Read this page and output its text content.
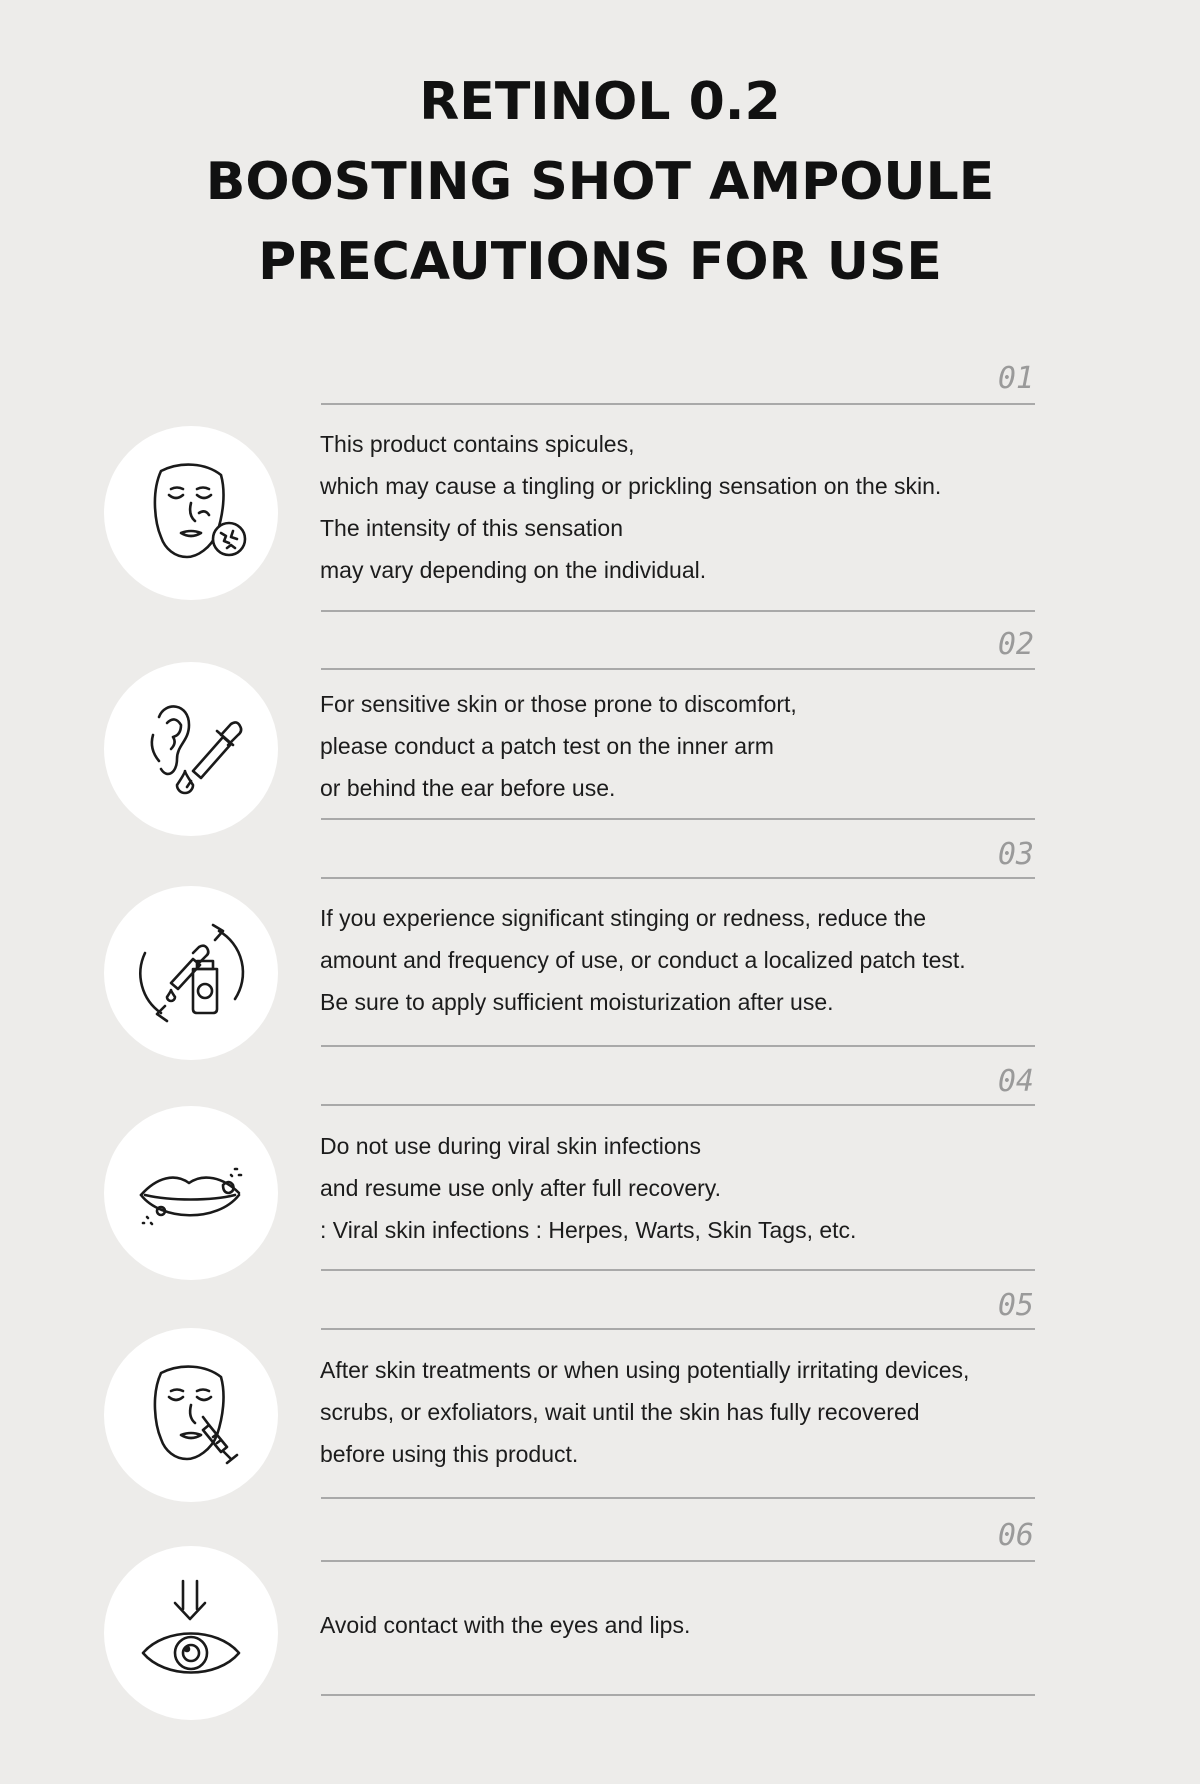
RETINOL 0.2
BOOSTING SHOT AMPOULE
PRECAUTIONS FOR USE
01

This product contains spicules,
which may cause a tingling or prickling sensation on the skin.
The intensity of this sensation
may vary depending on the individual.

02

For sensitive skin or those prone to discomfort,
please conduct a patch test on the inner arm
or behind the ear before use.

03

If you experience significant stinging or redness, reduce the
amount and frequency of use, or conduct a localized patch test.
Be sure to apply sufficient moisturization after use.

04

Do not use during viral skin infections
and resume use only after full recovery.
: Viral skin infections : Herpes, Warts, Skin Tags, etc.

05

After skin treatments or when using potentially irritating devices,
scrubs, or exfoliators, wait until the skin has fully recovered
before using this product.

06

Avoid contact with the eyes and lips.
